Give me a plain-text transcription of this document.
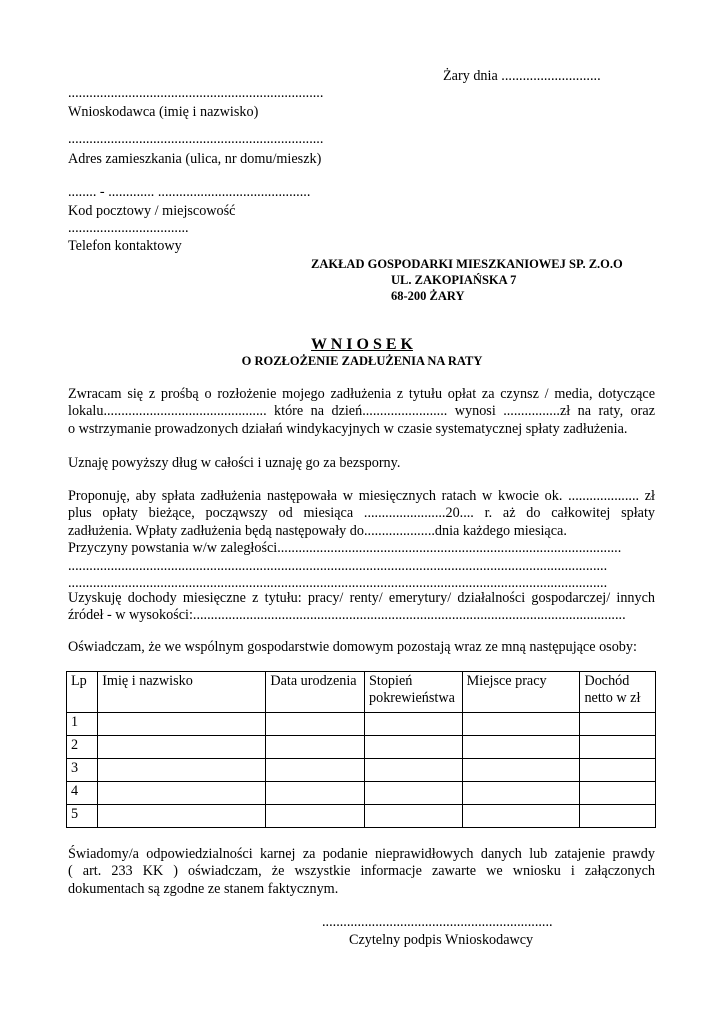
Żary dnia ............................
........................................................................
Wnioskodawca (imię i nazwisko)
........................................................................
Adres zamieszkania (ulica, nr domu/mieszk)
........ - ............. ...........................................
Kod pocztowy / miejscowość
..................................
Telefon kontaktowy
ZAKŁAD GOSPODARKI MIESZKANIOWEJ SP. Z.O.O
UL. ZAKOPIAŃSKA 7
68-200 ŻARY
W N I O S E K
O ROZŁOŻENIE ZADŁUŻENIA NA RATY
Zwracam się z prośbą o rozłożenie mojego zadłużenia z tytułu opłat za czynsz / media, dotyczące
lokalu.............................................. które na dzień........................ wynosi ................zł na raty, oraz
o wstrzymanie prowadzonych działań windykacyjnych w czasie systematycznej spłaty zadłużenia.
Uznaję powyższy dług w całości i uznaję go za bezsporny.
Proponuję, aby spłata zadłużenia następowała w miesięcznych ratach w kwocie ok. .................... zł
plus opłaty bieżące, począwszy od miesiąca .......................20.... r. aż do całkowitej spłaty
zadłużenia. Wpłaty zadłużenia będą następowały do....................dnia każdego miesiąca.
Przyczyny powstania w/w zaległości.................................................................................................
........................................................................................................................................................
........................................................................................................................................................
Uzyskuję dochody miesięczne z tytułu: pracy/ renty/ emerytury/ działalności gospodarczej/ innych
źródeł - w wysokości:..........................................................................................................................
Oświadczam, że we wspólnym gospodarstwie domowym pozostają wraz ze mną następujące osoby:
Lp	Imię i nazwisko	Data urodzenia	Stopień pokrewieństwa	Miejsce pracy	Dochód netto w zł
1					
2					
3					
4					
5					
Świadomy/a odpowiedzialności karnej za podanie nieprawidłowych danych lub zatajenie prawdy
( art. 233 KK ) oświadczam, że wszystkie informacje zawarte we wniosku i załączonych
dokumentach są zgodne ze stanem faktycznym.
.................................................................
Czytelny podpis Wnioskodawcy
